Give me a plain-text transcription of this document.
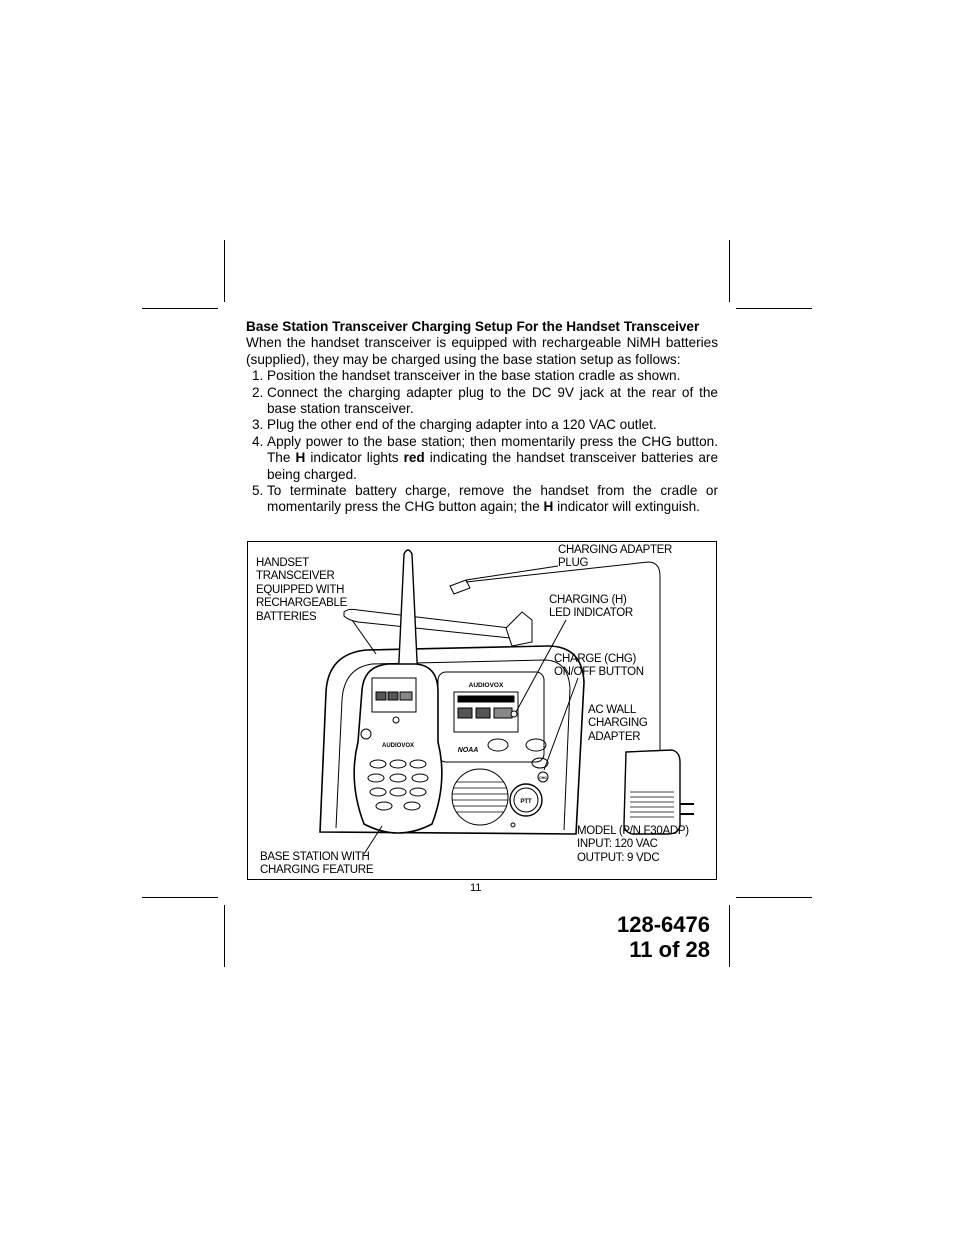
Base Station Transceiver Charging Setup For the Handset Transceiver

When the handset transceiver is equipped with rechargeable NiMH batteries (supplied), they may be charged using the base station setup as follows:

1. Position the handset transceiver in the base station cradle as shown.
2. Connect the charging adapter plug to the DC 9V jack at the rear of the base station transceiver.
3. Plug the other end of the charging adapter into a 120 VAC outlet.
4. Apply power to the base station; then momentarily press the CHG button. The H indicator lights red indicating the handset transceiver batteries are being charged.
5. To terminate battery charge, remove the handset from the cradle or momentarily press the CHG button again; the H indicator will extinguish.
AUDIOVOX
AUDIOVOX
NOAA
PTT
CHG
HANDSET
TRANSCEIVER
EQUIPPED WITH
RECHARGEABLE
BATTERIES
CHARGING ADAPTER
PLUG
CHARGING (H)
LED INDICATOR
CHARGE (CHG)
ON/OFF BUTTON
AC WALL
CHARGING
ADAPTER
BASE STATION WITH
CHARGING FEATURE
MODEL (P/N F30ADP)
INPUT: 120 VAC
OUTPUT: 9 VDC
11
128-6476
11 of 28
